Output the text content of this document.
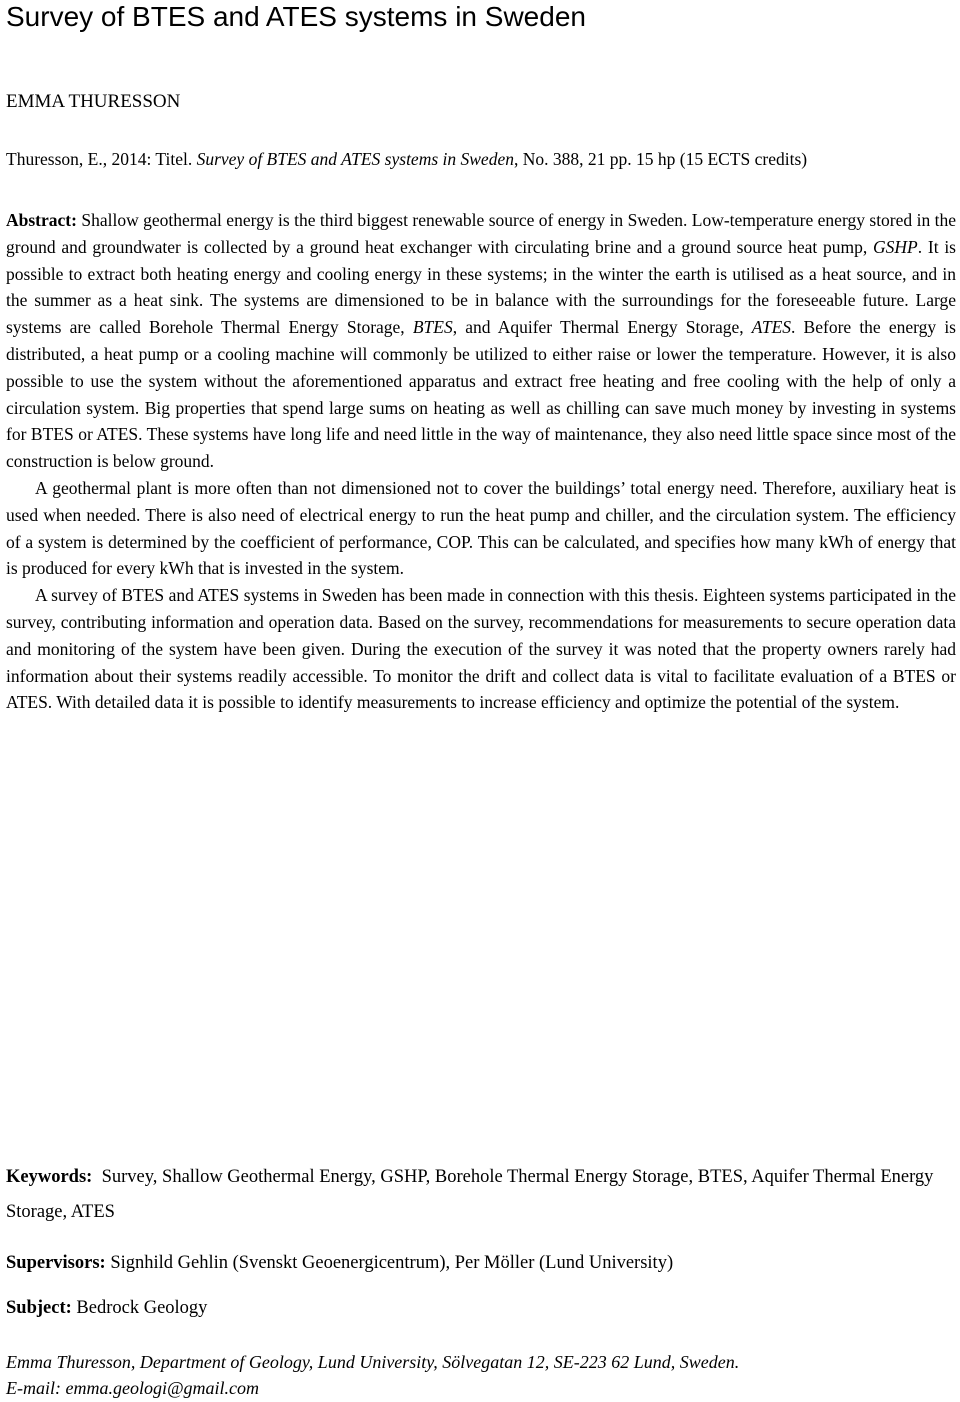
Survey of BTES and ATES systems in Sweden
EMMA THURESSON
Thuresson, E., 2014: Titel. Survey of BTES and ATES systems in Sweden, No. 388, 21 pp. 15 hp (15 ECTS credits)

Abstract: Shallow geothermal energy is the third biggest renewable source of energy in Sweden. Low-temperature energy stored in the ground and groundwater is collected by a ground heat exchanger with circulating brine and a ground source heat pump, GSHP. It is possible to extract both heating energy and cooling energy in these systems; in the winter the earth is utilised as a heat source, and in the summer as a heat sink. The systems are dimensioned to be in balance with the surroundings for the foreseeable future. Large systems are called Borehole Thermal Energy Storage, BTES, and Aquifer Thermal Energy Storage, ATES. Before the energy is distributed, a heat pump or a cooling machine will commonly be utilized to either raise or lower the temperature. However, it is also possible to use the system without the aforementioned apparatus and extract free heating and free cooling with the help of only a circulation system. Big properties that spend large sums on heating as well as chilling can save much money by investing in systems for BTES or ATES. These systems have long life and need little in the way of maintenance, they also need little space since most of the construction is below ground.

A geothermal plant is more often than not dimensioned not to cover the buildings’ total energy need. Therefore, auxiliary heat is used when needed. There is also need of electrical energy to run the heat pump and chiller, and the circulation system. The efficiency of a system is determined by the coefficient of performance, COP. This can be calculated, and specifies how many kWh of energy that is produced for every kWh that is invested in the system.

A survey of BTES and ATES systems in Sweden has been made in connection with this thesis. Eighteen systems participated in the survey, contributing information and operation data. Based on the survey, recommendations for measurements to secure operation data and monitoring of the system have been given. During the execution of the survey it was noted that the property owners rarely had information about their systems readily accessible. To monitor the drift and collect data is vital to facilitate evaluation of a BTES or ATES. With detailed data it is possible to identify measurements to increase efficiency and optimize the potential of the system.

Keywords: Survey, Shallow Geothermal Energy, GSHP, Borehole Thermal Energy Storage, BTES, Aquifer Thermal Energy Storage, ATES
Supervisors: Signhild Gehlin (Svenskt Geoenergicentrum), Per Möller (Lund University)
Subject: Bedrock Geology
Emma Thuresson, Department of Geology, Lund University, Sölvegatan 12, SE-223 62 Lund, Sweden.
E-mail: emma.geologi@gmail.com
